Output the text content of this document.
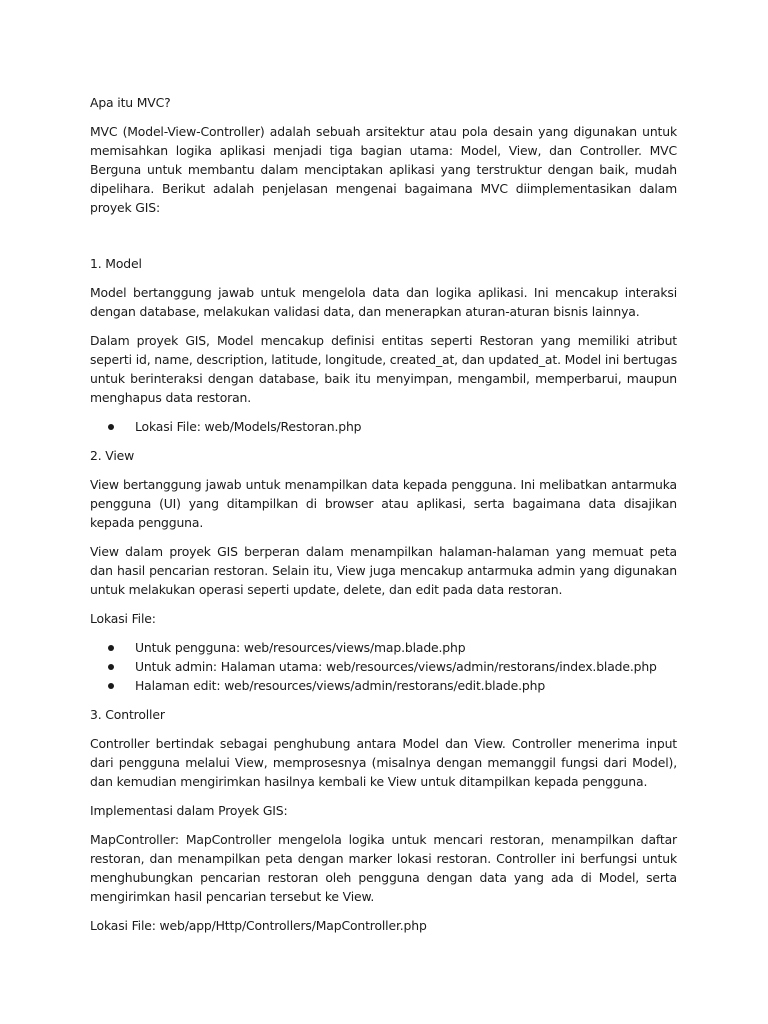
Apa itu MVC?

MVC (Model-View-Controller) adalah sebuah arsitektur atau pola desain yang digunakan untuk memisahkan logika aplikasi menjadi tiga bagian utama: Model, View, dan Controller. MVC Berguna untuk membantu dalam menciptakan aplikasi yang terstruktur dengan baik, mudah dipelihara. Berikut adalah penjelasan mengenai bagaimana MVC diimplementasikan dalam proyek GIS:

1. Model

Model bertanggung jawab untuk mengelola data dan logika aplikasi. Ini mencakup interaksi dengan database, melakukan validasi data, dan menerapkan aturan-aturan bisnis lainnya.

Dalam proyek GIS, Model mencakup definisi entitas seperti Restoran yang memiliki atribut seperti id, name, description, latitude, longitude, created_at, dan updated_at. Model ini bertugas untuk berinteraksi dengan database, baik itu menyimpan, mengambil, memperbarui, maupun menghapus data restoran.

Lokasi File: web/Models/Restoran.php

2. View

View bertanggung jawab untuk menampilkan data kepada pengguna. Ini melibatkan antarmuka pengguna (UI) yang ditampilkan di browser atau aplikasi, serta bagaimana data disajikan kepada pengguna.

View dalam proyek GIS berperan dalam menampilkan halaman-halaman yang memuat peta dan hasil pencarian restoran. Selain itu, View juga mencakup antarmuka admin yang digunakan untuk melakukan operasi seperti update, delete, dan edit pada data restoran.

Lokasi File:

Untuk pengguna: web/resources/views/map.blade.php
Untuk admin: Halaman utama: web/resources/views/admin/restorans/index.blade.php
Halaman edit: web/resources/views/admin/restorans/edit.blade.php

3. Controller

Controller bertindak sebagai penghubung antara Model dan View. Controller menerima input dari pengguna melalui View, memprosesnya (misalnya dengan memanggil fungsi dari Model), dan kemudian mengirimkan hasilnya kembali ke View untuk ditampilkan kepada pengguna.

Implementasi dalam Proyek GIS:

MapController: MapController mengelola logika untuk mencari restoran, menampilkan daftar restoran, dan menampilkan peta dengan marker lokasi restoran. Controller ini berfungsi untuk menghubungkan pencarian restoran oleh pengguna dengan data yang ada di Model, serta mengirimkan hasil pencarian tersebut ke View.

Lokasi File: web/app/Http/Controllers/MapController.php
